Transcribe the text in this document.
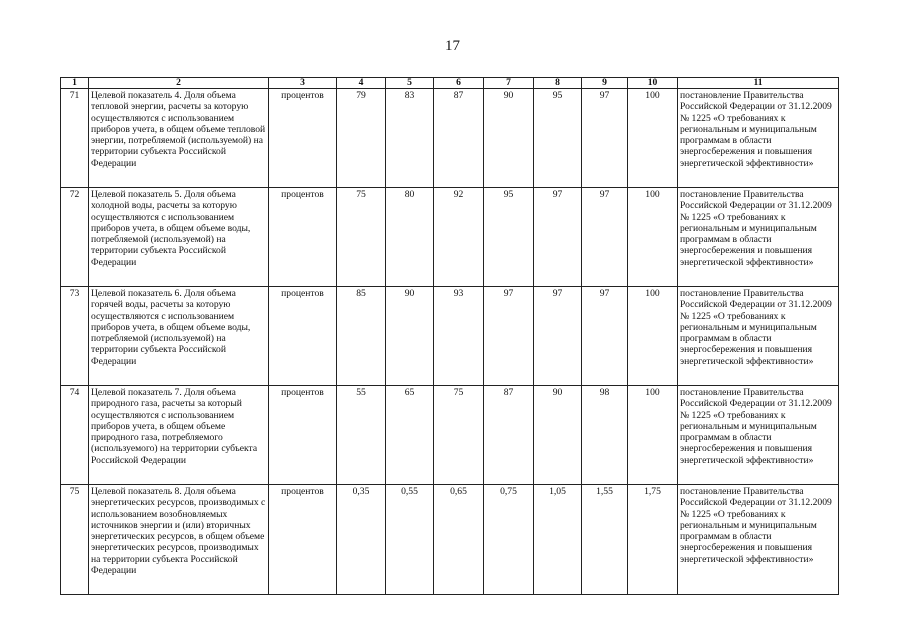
17
1	2	3	4	5	6	7	8	9	10	11
71	Целевой показатель 4. Доля объема тепловой энергии, расчеты за которую осуществляются с использованием приборов учета, в общем объеме тепловой энергии, потребляемой (используемой) на территории субъекта Российской Федерации	процентов	79	83	87	90	95	97	100	постановление Правительства Российской Федерации от 31.12.2009 № 1225 «О требованиях к региональным и муниципальным программам в области энергосбережения и повышения энергетической эффективности»
72	Целевой показатель 5. Доля объема холодной воды, расчеты за которую осуществляются с использованием приборов учета, в общем объеме воды, потребляемой (используемой) на территории субъекта Российской Федерации	процентов	75	80	92	95	97	97	100	постановление Правительства Российской Федерации от 31.12.2009 № 1225 «О требованиях к региональным и муниципальным программам в области энергосбережения и повышения энергетической эффективности»
73	Целевой показатель 6. Доля объема горячей воды, расчеты за которую осуществляются с использованием приборов учета, в общем объеме воды, потребляемой (используемой) на территории субъекта Российской Федерации	процентов	85	90	93	97	97	97	100	постановление Правительства Российской Федерации от 31.12.2009 № 1225 «О требованиях к региональным и муниципальным программам в области энергосбережения и повышения энергетической эффективности»
74	Целевой показатель 7. Доля объема природного газа, расчеты за который осуществляются с использованием приборов учета, в общем объеме природного газа, потребляемого (используемого) на территории субъекта Российской Федерации	процентов	55	65	75	87	90	98	100	постановление Правительства Российской Федерации от 31.12.2009 № 1225 «О требованиях к региональным и муниципальным программам в области энергосбережения и повышения энергетической эффективности»
75	Целевой показатель 8. Доля объема энергетических ресурсов, производимых с использованием возобновляемых источников энергии и (или) вторичных энергетических ресурсов, в общем объеме энергетических ресурсов, производимых на территории субъекта Российской Федерации	процентов	0,35	0,55	0,65	0,75	1,05	1,55	1,75	постановление Правительства Российской Федерации от 31.12.2009 № 1225 «О требованиях к региональным и муниципальным программам в области энергосбережения и повышения энергетической эффективности»
